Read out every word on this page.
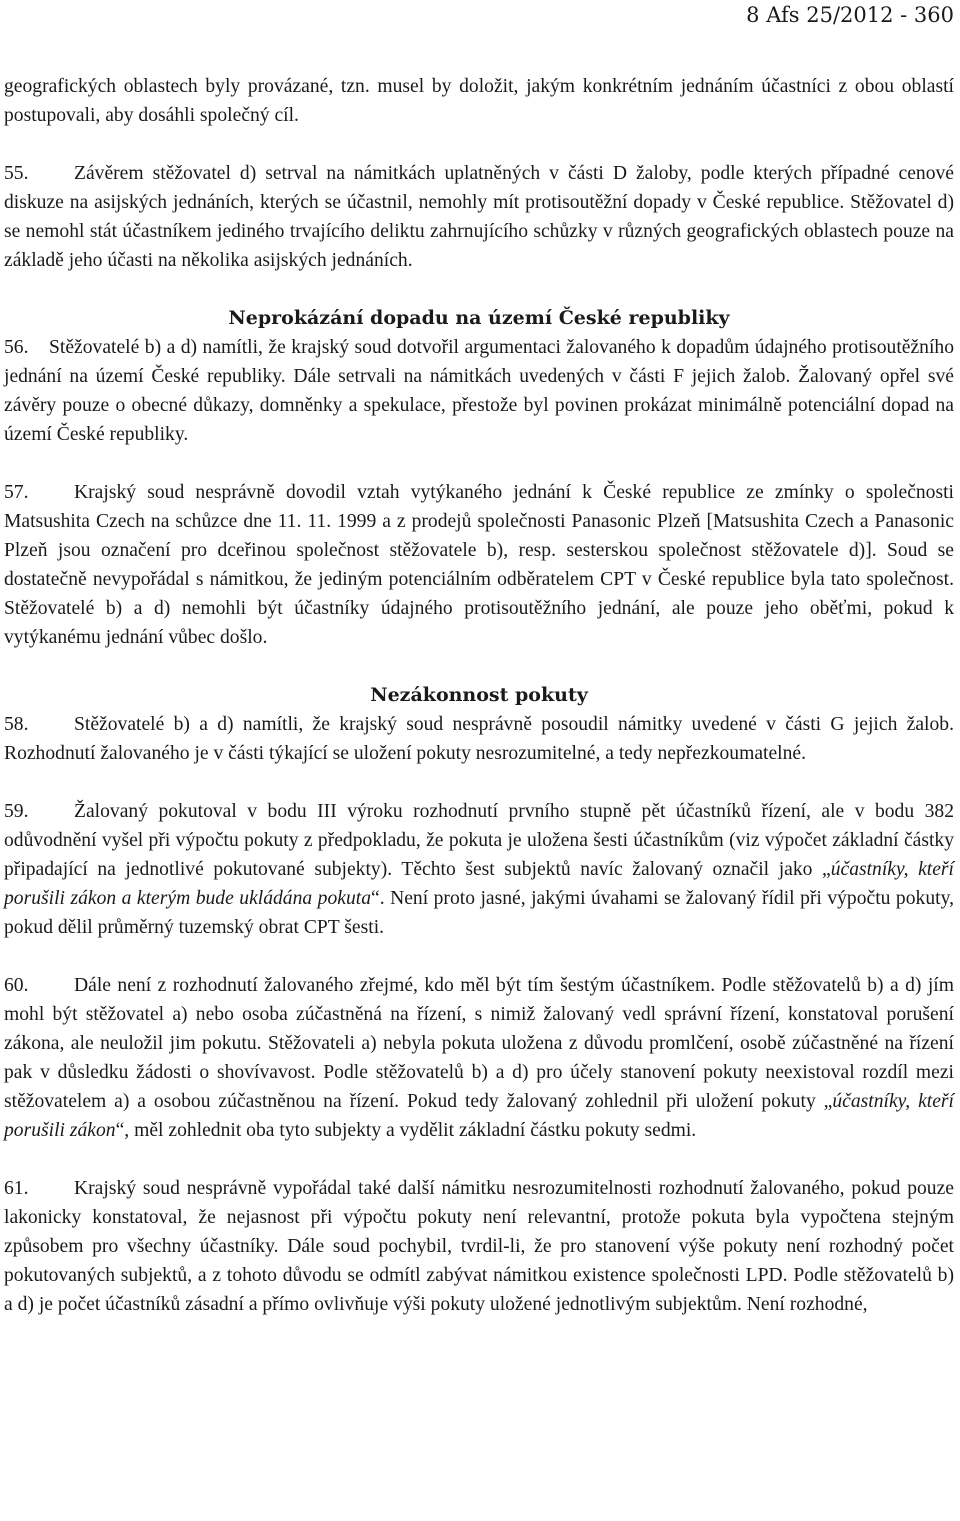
8 Afs 25/2012 - 360

geografických oblastech byly provázané, tzn. musel by doložit, jakým konkrétním jednáním účastníci z obou oblastí postupovali, aby dosáhli společný cíl.

55. Závěrem stěžovatel d) setrval na námitkách uplatněných v části D žaloby, podle kterých případné cenové diskuze na asijských jednáních, kterých se účastnil, nemohly mít protisoutěžní dopady v České republice. Stěžovatel d) se nemohl stát účastníkem jediného trvajícího deliktu zahrnujícího schůzky v různých geografických oblastech pouze na základě jeho účasti na několika asijských jednáních.

Neprokázání dopadu na území České republiky

56. Stěžovatelé b) a d) namítli, že krajský soud dotvořil argumentaci žalovaného k dopadům údajného protisoutěžního jednání na území České republiky. Dále setrvali na námitkách uvedených v části F jejich žalob. Žalovaný opřel své závěry pouze o obecné důkazy, domněnky a spekulace, přestože byl povinen prokázat minimálně potenciální dopad na území České republiky.

57. Krajský soud nesprávně dovodil vztah vytýkaného jednání k České republice ze zmínky o společnosti Matsushita Czech na schůzce dne 11. 11. 1999 a z prodejů společnosti Panasonic Plzeň [Matsushita Czech a Panasonic Plzeň jsou označení pro dceřinou společnost stěžovatele b), resp. sesterskou společnost stěžovatele d)]. Soud se dostatečně nevypořádal s námitkou, že jediným potenciálním odběratelem CPT v České republice byla tato společnost. Stěžovatelé b) a d) nemohli být účastníky údajného protisoutěžního jednání, ale pouze jeho oběťmi, pokud k vytýkanému jednání vůbec došlo.

Nezákonnost pokuty

58. Stěžovatelé b) a d) namítli, že krajský soud nesprávně posoudil námitky uvedené v části G jejich žalob. Rozhodnutí žalovaného je v části týkající se uložení pokuty nesrozumitelné, a tedy nepřezkoumatelné.

59. Žalovaný pokutoval v bodu III výroku rozhodnutí prvního stupně pět účastníků řízení, ale v bodu 382 odůvodnění vyšel při výpočtu pokuty z předpokladu, že pokuta je uložena šesti účastníkům (viz výpočet základní částky připadající na jednotlivé pokutované subjekty). Těchto šest subjektů navíc žalovaný označil jako „účastníky, kteří porušili zákon a kterým bude ukládána pokuta“. Není proto jasné, jakými úvahami se žalovaný řídil při výpočtu pokuty, pokud dělil průměrný tuzemský obrat CPT šesti.

60. Dále není z rozhodnutí žalovaného zřejmé, kdo měl být tím šestým účastníkem. Podle stěžovatelů b) a d) jím mohl být stěžovatel a) nebo osoba zúčastněná na řízení, s nimiž žalovaný vedl správní řízení, konstatoval porušení zákona, ale neuložil jim pokutu. Stěžovateli a) nebyla pokuta uložena z důvodu promlčení, osobě zúčastněné na řízení pak v důsledku žádosti o shovívavost. Podle stěžovatelů b) a d) pro účely stanovení pokuty neexistoval rozdíl mezi stěžovatelem a) a osobou zúčastněnou na řízení. Pokud tedy žalovaný zohlednil při uložení pokuty „účastníky, kteří porušili zákon“, měl zohlednit oba tyto subjekty a vydělit základní částku pokuty sedmi.

61. Krajský soud nesprávně vypořádal také další námitku nesrozumitelnosti rozhodnutí žalovaného, pokud pouze lakonicky konstatoval, že nejasnost při výpočtu pokuty není relevantní, protože pokuta byla vypočtena stejným způsobem pro všechny účastníky. Dále soud pochybil, tvrdil-li, že pro stanovení výše pokuty není rozhodný počet pokutovaných subjektů, a z tohoto důvodu se odmítl zabývat námitkou existence společnosti LPD. Podle stěžovatelů b) a d) je počet účastníků zásadní a přímo ovlivňuje výši pokuty uložené jednotlivým subjektům. Není rozhodné,
